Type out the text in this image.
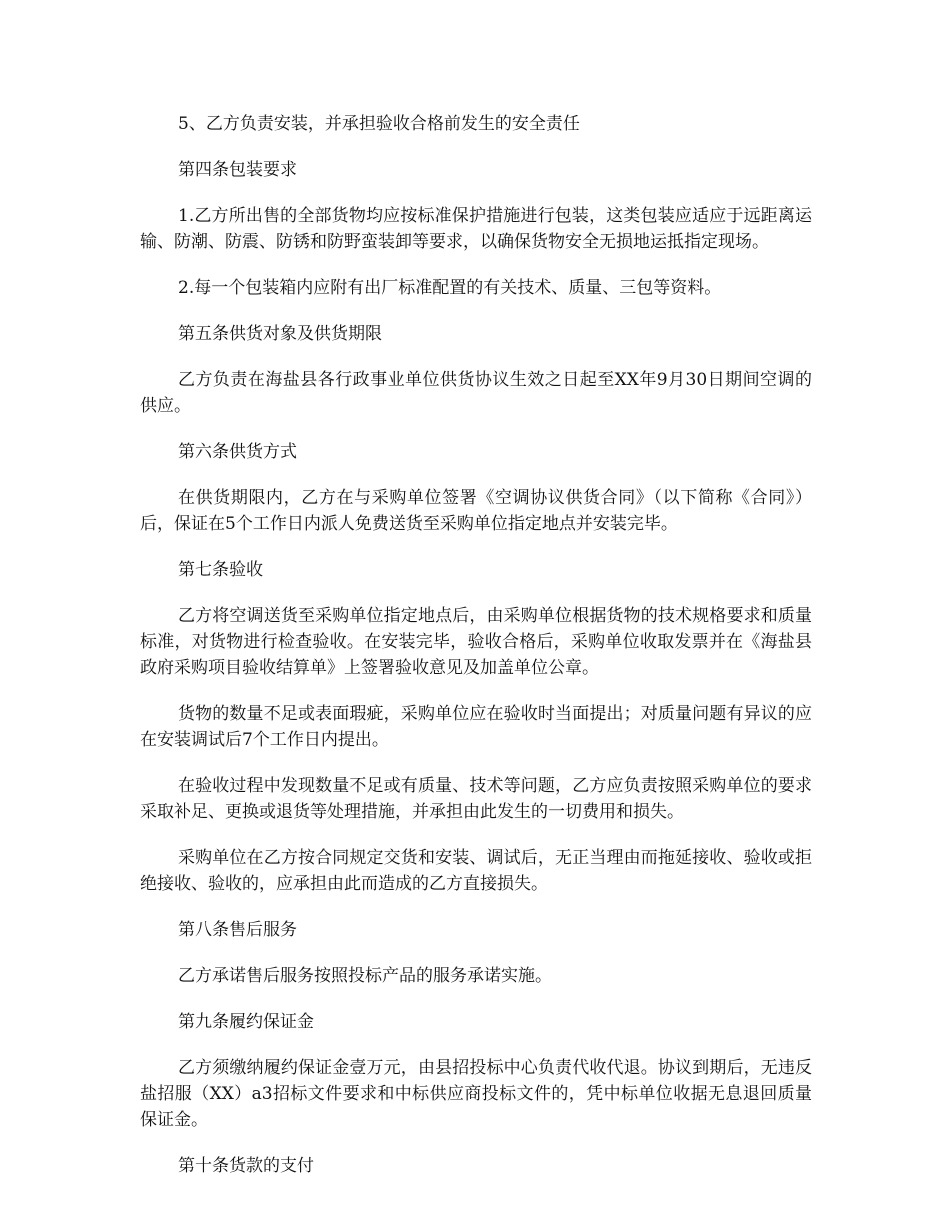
5、乙方负责安装，并承担验收合格前发生的安全责任

第四条包装要求

1.乙方所出售的全部货物均应按标准保护措施进行包装，这类包装应适应于远距离运输、防潮、防震、防锈和防野蛮装卸等要求，以确保货物安全无损地运抵指定现场。

2.每一个包装箱内应附有出厂标准配置的有关技术、质量、三包等资料。

第五条供货对象及供货期限

乙方负责在海盐县各行政事业单位供货协议生效之日起至XX年9月30日期间空调的供应。

第六条供货方式

在供货期限内，乙方在与采购单位签署《空调协议供货合同》（以下简称《合同》）后，保证在5个工作日内派人免费送货至采购单位指定地点并安装完毕。

第七条验收

乙方将空调送货至采购单位指定地点后，由采购单位根据货物的技术规格要求和质量标准，对货物进行检查验收。在安装完毕，验收合格后，采购单位收取发票并在《海盐县政府采购项目验收结算单》上签署验收意见及加盖单位公章。

货物的数量不足或表面瑕疵，采购单位应在验收时当面提出；对质量问题有异议的应在安装调试后7个工作日内提出。

在验收过程中发现数量不足或有质量、技术等问题，乙方应负责按照采购单位的要求采取补足、更换或退货等处理措施，并承担由此发生的一切费用和损失。

采购单位在乙方按合同规定交货和安装、调试后，无正当理由而拖延接收、验收或拒绝接收、验收的，应承担由此而造成的乙方直接损失。

第八条售后服务

乙方承诺售后服务按照投标产品的服务承诺实施。

第九条履约保证金

乙方须缴纳履约保证金壹万元，由县招投标中心负责代收代退。协议到期后，无违反盐招服（XX）a3招标文件要求和中标供应商投标文件的，凭中标单位收据无息退回质量保证金。

第十条货款的支付
